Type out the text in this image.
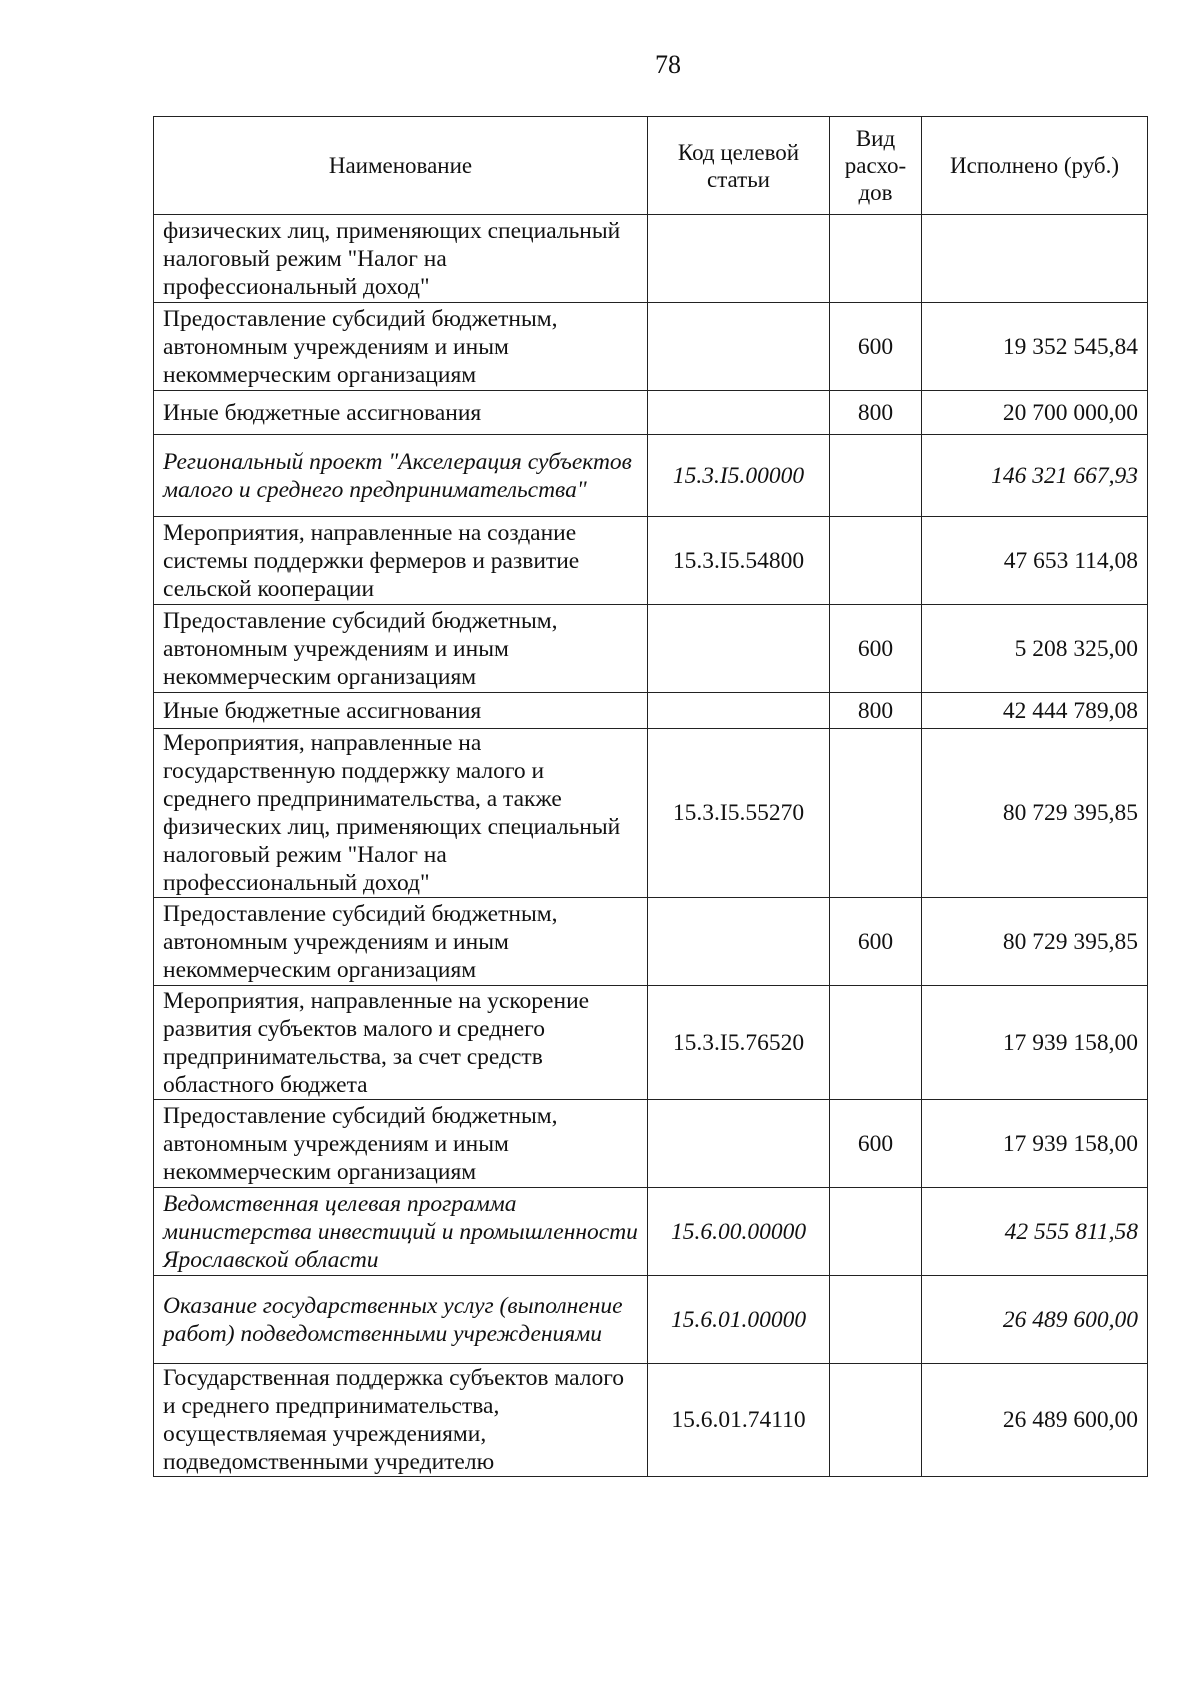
78
Наименование	Код целевой статьи	Вид расхо-дов	Исполнено (руб.)
физических лиц, применяющих специальный налоговый режим "Налог на профессиональный доход"			
Предоставление субсидий бюджетным, автономным учреждениям и иным некоммерческим организациям		600	19 352 545,84
Иные бюджетные ассигнования		800	20 700 000,00
Региональный проект "Акселерация субъектов малого и среднего предпринимательства"	15.3.I5.00000		146 321 667,93
Мероприятия, направленные на создание системы поддержки фермеров и развитие сельской кооперации	15.3.I5.54800		47 653 114,08
Предоставление субсидий бюджетным, автономным учреждениям и иным некоммерческим организациям		600	5 208 325,00
Иные бюджетные ассигнования		800	42 444 789,08
Мероприятия, направленные на государственную поддержку малого и среднего предпринимательства, а также физических лиц, применяющих специальный налоговый режим "Налог на профессиональный доход"	15.3.I5.55270		80 729 395,85
Предоставление субсидий бюджетным, автономным учреждениям и иным некоммерческим организациям		600	80 729 395,85
Мероприятия, направленные на ускорение развития субъектов малого и среднего предпринимательства, за счет средств областного бюджета	15.3.I5.76520		17 939 158,00
Предоставление субсидий бюджетным, автономным учреждениям и иным некоммерческим организациям		600	17 939 158,00
Ведомственная целевая программа министерства инвестиций и промышленности Ярославской области	15.6.00.00000		42 555 811,58
Оказание государственных услуг (выполнение работ) подведомственными учреждениями	15.6.01.00000		26 489 600,00
Государственная поддержка субъектов малого и среднего предпринимательства, осуществляемая учреждениями, подведомственными учредителю	15.6.01.74110		26 489 600,00
